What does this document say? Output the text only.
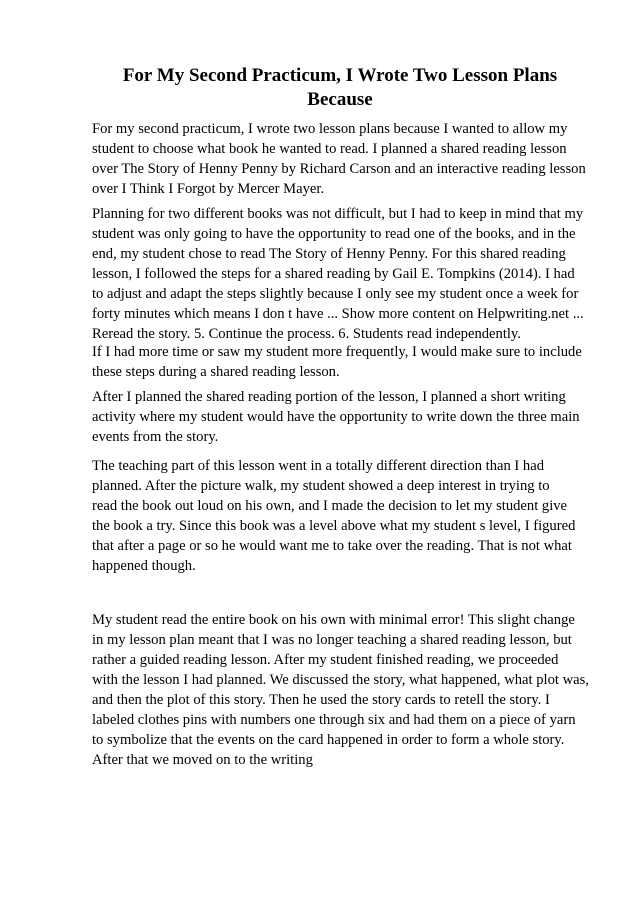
For My Second Practicum, I Wrote Two Lesson Plans
Because

For my second practicum, I wrote two lesson plans because I wanted to allow my
student to choose what book he wanted to read. I planned a shared reading lesson
over The Story of Henny Penny by Richard Carson and an interactive reading lesson
over I Think I Forgot by Mercer Mayer.

Planning for two different books was not difficult, but I had to keep in mind that my
student was only going to have the opportunity to read one of the books, and in the
end, my student chose to read The Story of Henny Penny. For this shared reading
lesson, I followed the steps for a shared reading by Gail E. Tompkins (2014). I had
to adjust and adapt the steps slightly because I only see my student once a week for
forty minutes which means I don t have ... Show more content on Helpwriting.net ...
Reread the story. 5. Continue the process. 6. Students read independently.

If I had more time or saw my student more frequently, I would make sure to include
these steps during a shared reading lesson.

After I planned the shared reading portion of the lesson, I planned a short writing
activity where my student would have the opportunity to write down the three main
events from the story.

The teaching part of this lesson went in a totally different direction than I had
planned. After the picture walk, my student showed a deep interest in trying to
read the book out loud on his own, and I made the decision to let my student give
the book a try. Since this book was a level above what my student s level, I figured
that after a page or so he would want me to take over the reading. That is not what
happened though.

My student read the entire book on his own with minimal error! This slight change
in my lesson plan meant that I was no longer teaching a shared reading lesson, but
rather a guided reading lesson. After my student finished reading, we proceeded
with the lesson I had planned. We discussed the story, what happened, what plot was,
and then the plot of this story. Then he used the story cards to retell the story. I
labeled clothes pins with numbers one through six and had them on a piece of yarn
to symbolize that the events on the card happened in order to form a whole story.
After that we moved on to the writing
